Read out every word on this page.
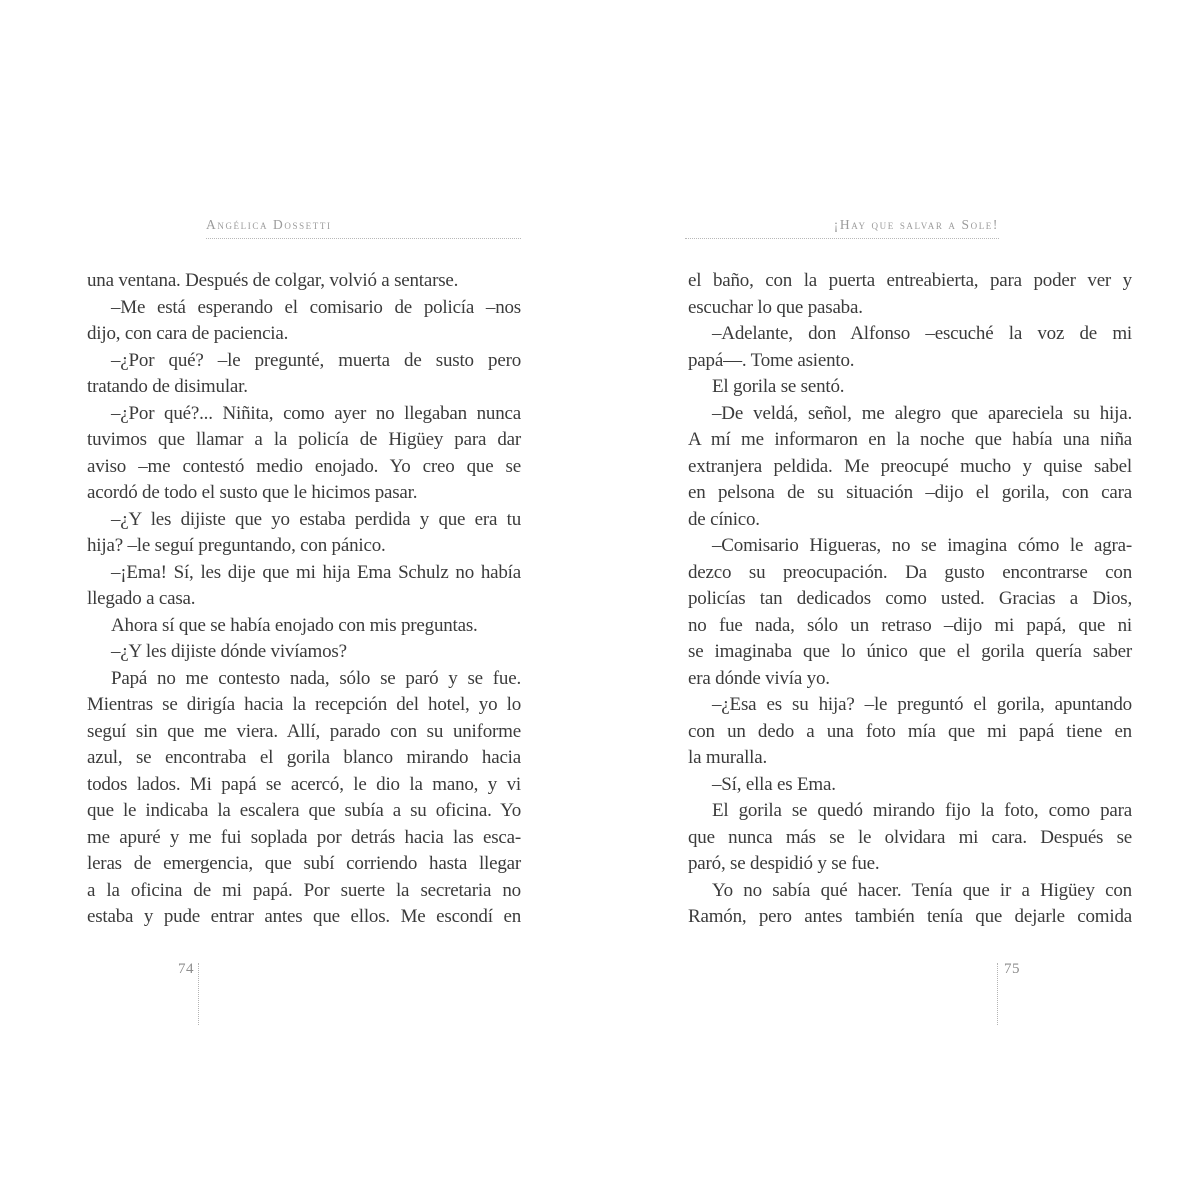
Angélica Dossetti	¡Hay que salvar a Sole!
una ventana. Después de colgar, volvió a sentarse.
–Me está esperando el comisario de policía –nos
dijo, con cara de paciencia.
–¿Por qué? –le pregunté, muerta de susto pero
tratando de disimular.
–¿Por qué?... Niñita, como ayer no llegaban nunca
tuvimos que llamar a la policía de Higüey para dar
aviso –me contestó medio enojado. Yo creo que se
acordó de todo el susto que le hicimos pasar.
–¿Y les dijiste que yo estaba perdida y que era tu
hija? –le seguí preguntando, con pánico.
–¡Ema! Sí, les dije que mi hija Ema Schulz no había
llegado a casa.
Ahora sí que se había enojado con mis preguntas.
–¿Y les dijiste dónde vivíamos?
Papá no me contesto nada, sólo se paró y se fue.
Mientras se dirigía hacia la recepción del hotel, yo lo
seguí sin que me viera. Allí, parado con su uniforme
azul, se encontraba el gorila blanco mirando hacia
todos lados. Mi papá se acercó, le dio la mano, y vi
que le indicaba la escalera que subía a su oficina. Yo
me apuré y me fui soplada por detrás hacia las esca-
leras de emergencia, que subí corriendo hasta llegar
a la oficina de mi papá. Por suerte la secretaria no
estaba y pude entrar antes que ellos. Me escondí en
el baño, con la puerta entreabierta, para poder ver y
escuchar lo que pasaba.
–Adelante, don Alfonso –escuché la voz de mi
papá—. Tome asiento.
El gorila se sentó.
–De veldá, señol, me alegro que apareciela su hija.
A mí me informaron en la noche que había una niña
extranjera peldida. Me preocupé mucho y quise sabel
en pelsona de su situación –dijo el gorila, con cara
de cínico.
–Comisario Higueras, no se imagina cómo le agra-
dezco su preocupación. Da gusto encontrarse con
policías tan dedicados como usted. Gracias a Dios,
no fue nada, sólo un retraso –dijo mi papá, que ni
se imaginaba que lo único que el gorila quería saber
era dónde vivía yo.
–¿Esa es su hija? –le preguntó el gorila, apuntando
con un dedo a una foto mía que mi papá tiene en
la muralla.
–Sí, ella es Ema.
El gorila se quedó mirando fijo la foto, como para
que nunca más se le olvidara mi cara. Después se
paró, se despidió y se fue.
Yo no sabía qué hacer. Tenía que ir a Higüey con
Ramón, pero antes también tenía que dejarle comida
74	75
